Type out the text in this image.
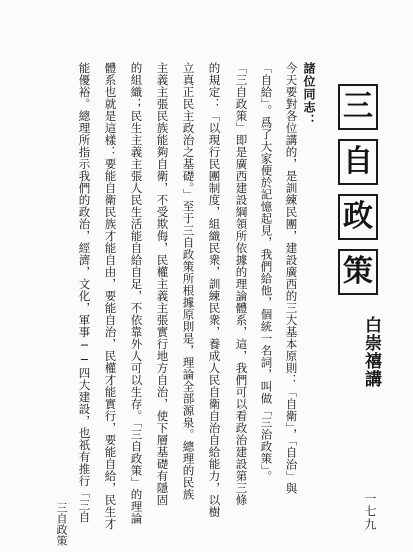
三
自
政
策
白崇禧講
諸位同志：
今天要對各位講的，是訓練民團，建設廣西的三大基本原則：「自衛」，「自治」與
「自給」。爲了大家便於記憶起見，我們給他，個統一名詞，叫做「三治政策」。
「三自政策」即是廣西建設綱領所依據的理論體系，這，我們可以看政治建設第三條
的規定：「以現行民團制度，組織民衆，訓練民衆，養成人民自衛自治自給能力，以樹
立真正民主政治之基礎。」至于三自政策所根據原則是，理論全部源泉。總理的民族
主義主張民族能夠自衛，不受欺侮，民權主義主張實行地方自治，使下層基礎有隱固
的組織；民生主義主張人民生活能自給自足，不依靠外人可以生存。「三自政策」的理論
體系也就是這樣：要能自衛民族才能自由，要能自治，民權才能實行，要能自給，民生才
能優裕。總理所指示我們的政治，經濟，文化，軍事──四大建設，也祇有推行「三自
三自政策	一七九
